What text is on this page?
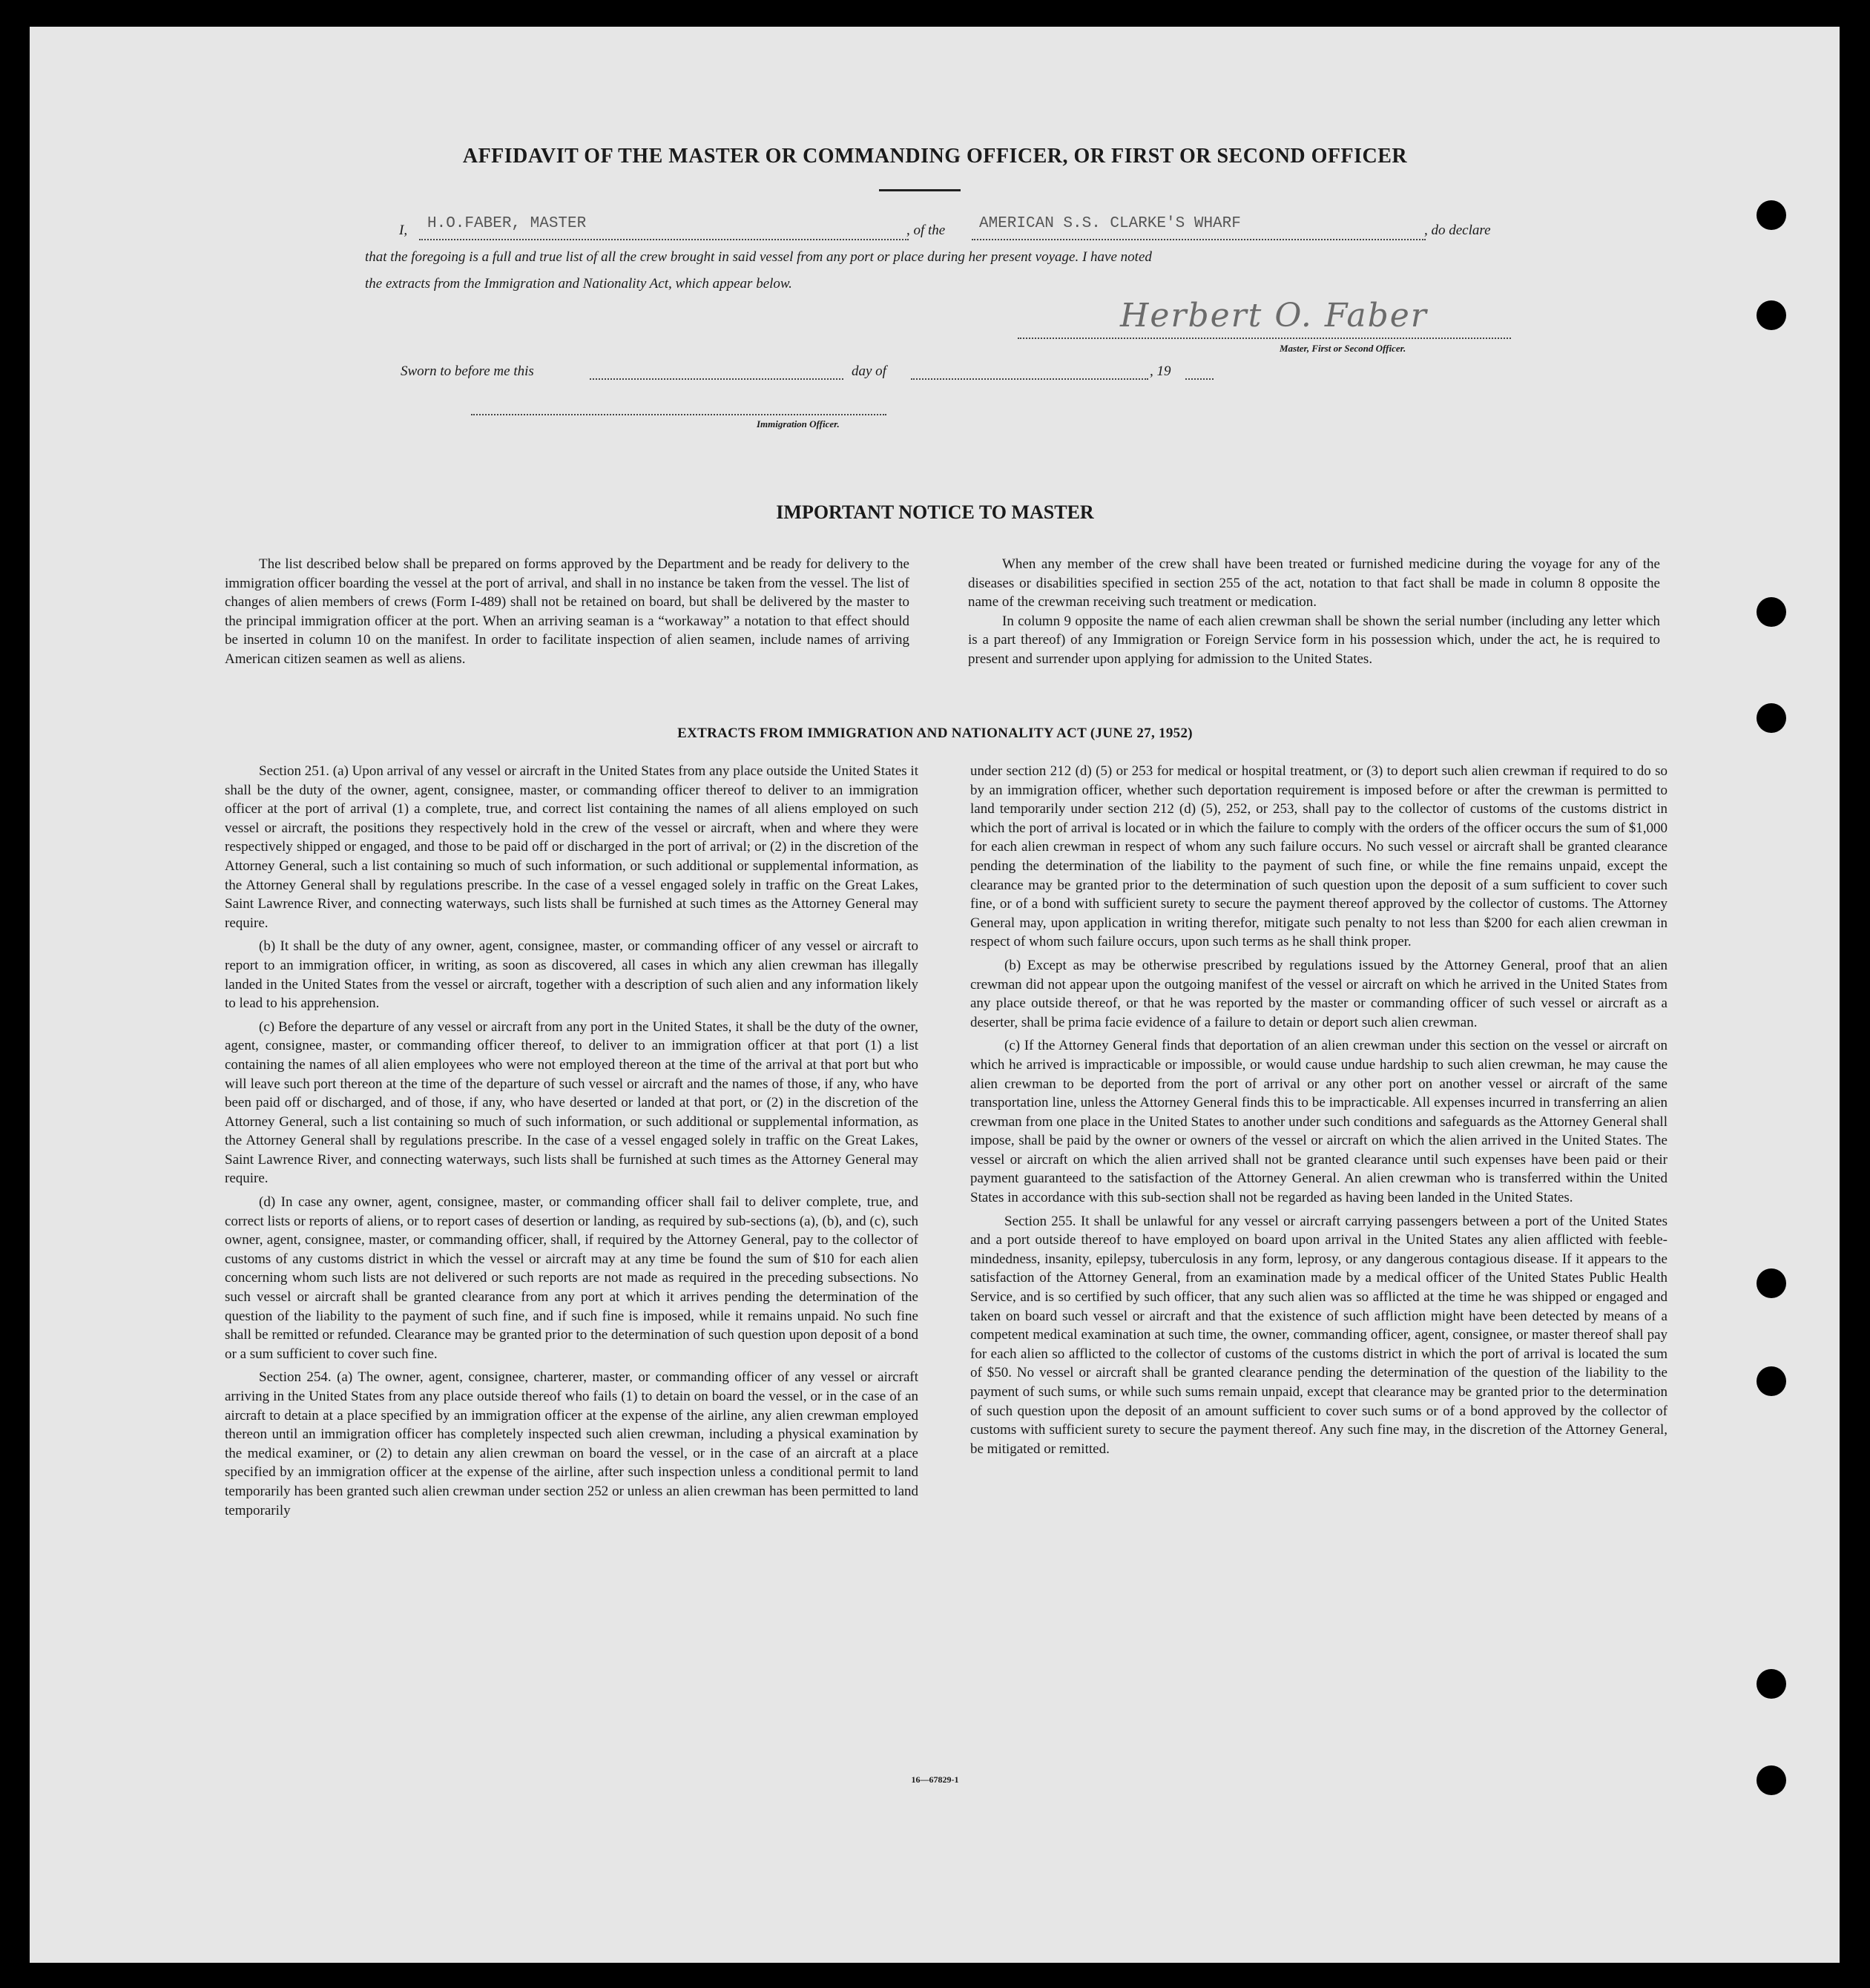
AFFIDAVIT OF THE MASTER OR COMMANDING OFFICER, OR FIRST OR SECOND OFFICER
I, H.O.FABER, MASTER	, of the AMERICAN S.S. CLARKE'S WHARF	, do declare
that the foregoing is a full and true list of all the crew brought in said vessel from any port or place during her present voyage. I have noted
the extracts from the Immigration and Nationality Act, which appear below.
Herbert O. Faber
Master, First or Second Officer.
Sworn to before me this	day of	, 19
Immigration Officer.
IMPORTANT NOTICE TO MASTER

The list described below shall be prepared on forms approved by the Department and be ready for delivery to the immigration officer boarding the vessel at the port of arrival, and shall in no instance be taken from the vessel. The list of changes of alien members of crews (Form I-489) shall not be retained on board, but shall be delivered by the master to the principal immigration officer at the port. When an arriving seaman is a “workaway” a notation to that effect should be inserted in column 10 on the manifest. In order to facilitate inspection of alien seamen, include names of arriving American citizen seamen as well as aliens.

When any member of the crew shall have been treated or furnished medicine during the voyage for any of the diseases or disabilities specified in section 255 of the act, notation to that fact shall be made in column 8 opposite the name of the crewman receiving such treatment or medication.

In column 9 opposite the name of each alien crewman shall be shown the serial number (including any letter which is a part thereof) of any Immigration or Foreign Service form in his possession which, under the act, he is required to present and surrender upon applying for admission to the United States.

EXTRACTS FROM IMMIGRATION AND NATIONALITY ACT (JUNE 27, 1952)

Section 251. (a) Upon arrival of any vessel or aircraft in the United States from any place outside the United States it shall be the duty of the owner, agent, consignee, master, or commanding officer thereof to deliver to an immigration officer at the port of arrival (1) a complete, true, and correct list containing the names of all aliens employed on such vessel or aircraft, the positions they respectively hold in the crew of the vessel or aircraft, when and where they were respectively shipped or engaged, and those to be paid off or discharged in the port of arrival; or (2) in the discretion of the Attorney General, such a list containing so much of such information, or such additional or supplemental information, as the Attorney General shall by regulations prescribe. In the case of a vessel engaged solely in traffic on the Great Lakes, Saint Lawrence River, and connecting waterways, such lists shall be furnished at such times as the Attorney General may require.

(b) It shall be the duty of any owner, agent, consignee, master, or commanding officer of any vessel or aircraft to report to an immigration officer, in writing, as soon as discovered, all cases in which any alien crewman has illegally landed in the United States from the vessel or aircraft, together with a description of such alien and any information likely to lead to his apprehension.

(c) Before the departure of any vessel or aircraft from any port in the United States, it shall be the duty of the owner, agent, consignee, master, or commanding officer thereof, to deliver to an immigration officer at that port (1) a list containing the names of all alien employees who were not employed thereon at the time of the arrival at that port but who will leave such port thereon at the time of the departure of such vessel or aircraft and the names of those, if any, who have been paid off or discharged, and of those, if any, who have deserted or landed at that port, or (2) in the discretion of the Attorney General, such a list containing so much of such information, or such additional or supplemental information, as the Attorney General shall by regulations prescribe. In the case of a vessel engaged solely in traffic on the Great Lakes, Saint Lawrence River, and connecting waterways, such lists shall be furnished at such times as the Attorney General may require.

(d) In case any owner, agent, consignee, master, or commanding officer shall fail to deliver complete, true, and correct lists or reports of aliens, or to report cases of desertion or landing, as required by sub-sections (a), (b), and (c), such owner, agent, consignee, master, or commanding officer, shall, if required by the Attorney General, pay to the collector of customs of any customs district in which the vessel or aircraft may at any time be found the sum of $10 for each alien concerning whom such lists are not delivered or such reports are not made as required in the preceding subsections. No such vessel or aircraft shall be granted clearance from any port at which it arrives pending the determination of the question of the liability to the payment of such fine, and if such fine is imposed, while it remains unpaid. No such fine shall be remitted or refunded. Clearance may be granted prior to the determination of such question upon deposit of a bond or a sum sufficient to cover such fine.

Section 254. (a) The owner, agent, consignee, charterer, master, or commanding officer of any vessel or aircraft arriving in the United States from any place outside thereof who fails (1) to detain on board the vessel, or in the case of an aircraft to detain at a place specified by an immigration officer at the expense of the airline, any alien crewman employed thereon until an immigration officer has completely inspected such alien crewman, including a physical examination by the medical examiner, or (2) to detain any alien crewman on board the vessel, or in the case of an aircraft at a place specified by an immigration officer at the expense of the airline, after such inspection unless a conditional permit to land temporarily has been granted such alien crewman under section 252 or unless an alien crewman has been permitted to land temporarily

under section 212 (d) (5) or 253 for medical or hospital treatment, or (3) to deport such alien crewman if required to do so by an immigration officer, whether such deportation requirement is imposed before or after the crewman is permitted to land temporarily under section 212 (d) (5), 252, or 253, shall pay to the collector of customs of the customs district in which the port of arrival is located or in which the failure to comply with the orders of the officer occurs the sum of $1,000 for each alien crewman in respect of whom any such failure occurs. No such vessel or aircraft shall be granted clearance pending the determination of the liability to the payment of such fine, or while the fine remains unpaid, except the clearance may be granted prior to the determination of such question upon the deposit of a sum sufficient to cover such fine, or of a bond with sufficient surety to secure the payment thereof approved by the collector of customs. The Attorney General may, upon application in writing therefor, mitigate such penalty to not less than $200 for each alien crewman in respect of whom such failure occurs, upon such terms as he shall think proper.

(b) Except as may be otherwise prescribed by regulations issued by the Attorney General, proof that an alien crewman did not appear upon the outgoing manifest of the vessel or aircraft on which he arrived in the United States from any place outside thereof, or that he was reported by the master or commanding officer of such vessel or aircraft as a deserter, shall be prima facie evidence of a failure to detain or deport such alien crewman.

(c) If the Attorney General finds that deportation of an alien crewman under this section on the vessel or aircraft on which he arrived is impracticable or impossible, or would cause undue hardship to such alien crewman, he may cause the alien crewman to be deported from the port of arrival or any other port on another vessel or aircraft of the same transportation line, unless the Attorney General finds this to be impracticable. All expenses incurred in transferring an alien crewman from one place in the United States to another under such conditions and safeguards as the Attorney General shall impose, shall be paid by the owner or owners of the vessel or aircraft on which the alien arrived in the United States. The vessel or aircraft on which the alien arrived shall not be granted clearance until such expenses have been paid or their payment guaranteed to the satisfaction of the Attorney General. An alien crewman who is transferred within the United States in accordance with this sub-section shall not be regarded as having been landed in the United States.

Section 255. It shall be unlawful for any vessel or aircraft carrying passengers between a port of the United States and a port outside thereof to have employed on board upon arrival in the United States any alien afflicted with feeble-mindedness, insanity, epilepsy, tuberculosis in any form, leprosy, or any dangerous contagious disease. If it appears to the satisfaction of the Attorney General, from an examination made by a medical officer of the United States Public Health Service, and is so certified by such officer, that any such alien was so afflicted at the time he was shipped or engaged and taken on board such vessel or aircraft and that the existence of such affliction might have been detected by means of a competent medical examination at such time, the owner, commanding officer, agent, consignee, or master thereof shall pay for each alien so afflicted to the collector of customs of the customs district in which the port of arrival is located the sum of $50. No vessel or aircraft shall be granted clearance pending the determination of the question of the liability to the payment of such sums, or while such sums remain unpaid, except that clearance may be granted prior to the determination of such question upon the deposit of an amount sufficient to cover such sums or of a bond approved by the collector of customs with sufficient surety to secure the payment thereof. Any such fine may, in the discretion of the Attorney General, be mitigated or remitted.

16—67829-1
